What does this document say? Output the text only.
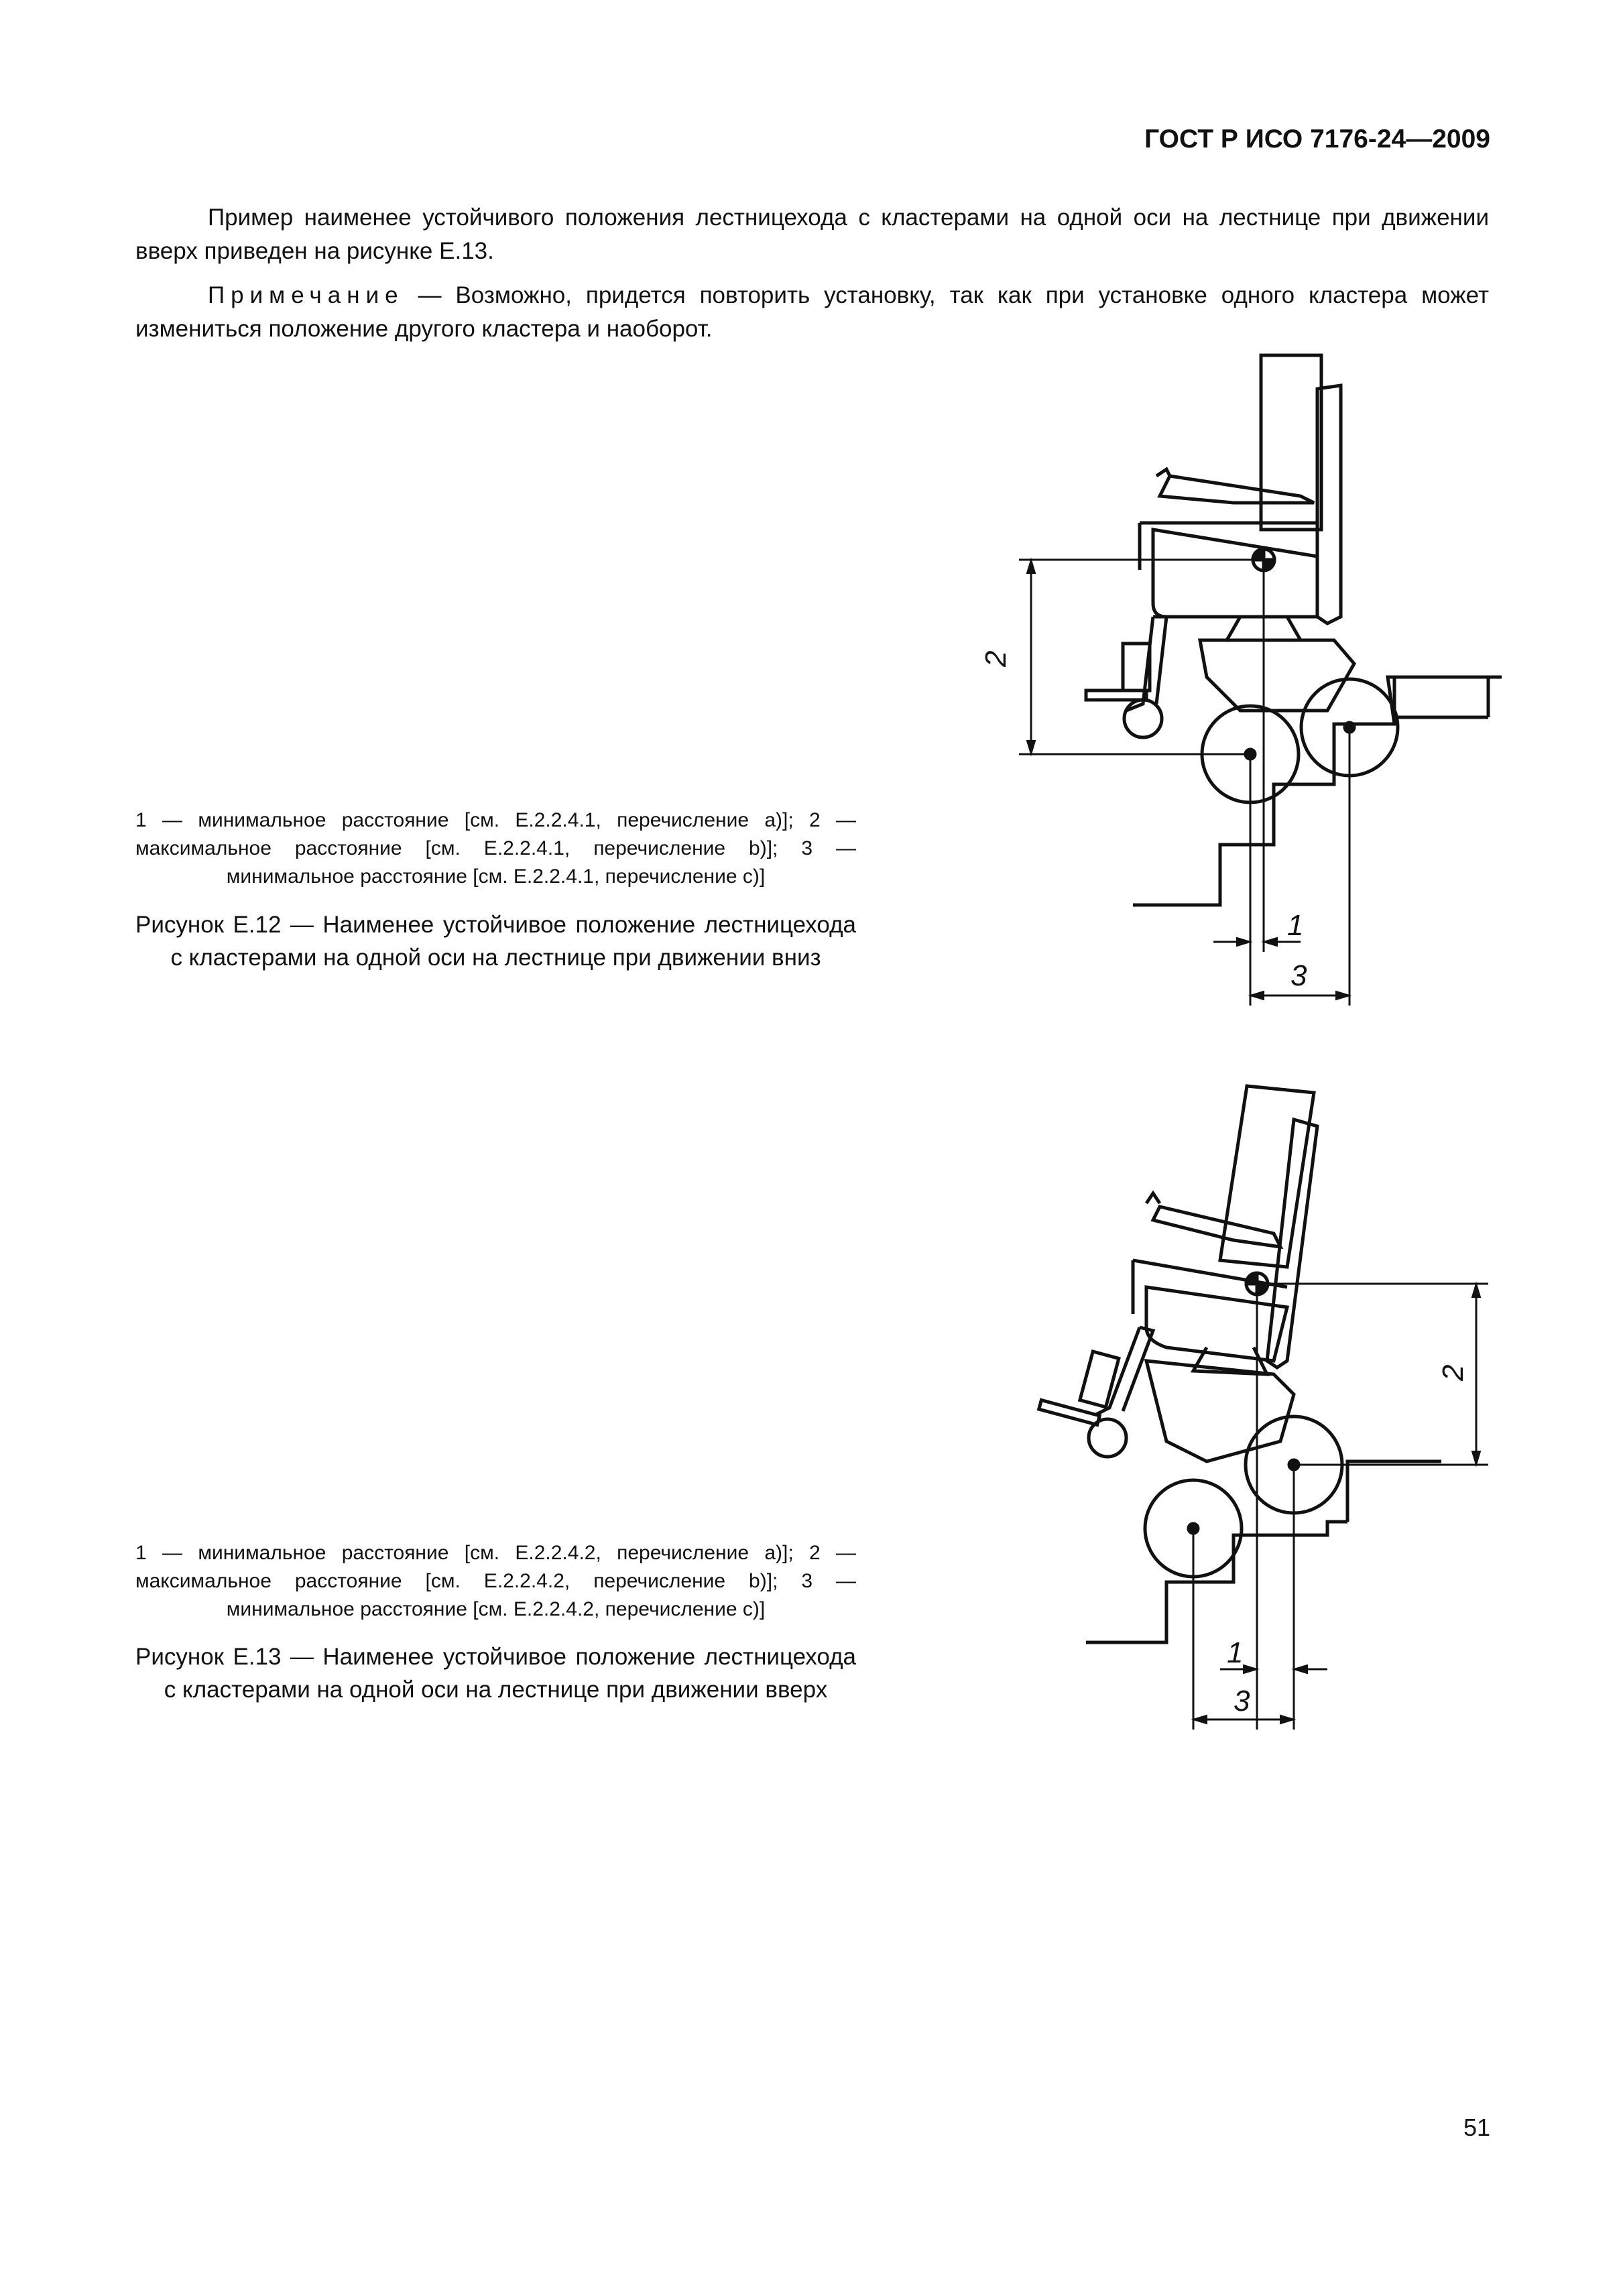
ГОСТ Р ИСО 7176-24—2009

Пример наименее устойчивого положения лестницехода с кластерами на одной оси на лестнице при движении вверх приведен на рисунке Е.13.

Примечание — Возможно, придется повторить установку, так как при установке одного кластера может измениться положение другого кластера и наоборот.

2
1
3

1 — минимальное расстояние [см. Е.2.2.4.1, перечисление a)]; 2 — максимальное расстояние [см. Е.2.2.4.1, перечисление b)]; 3 — минимальное расстояние [см. Е.2.2.4.1, перечисление c)]

Рисунок Е.12 — Наименее устойчивое положение лестницехода с кластерами на одной оси на лестнице при движении вниз

2
1
3

1 — минимальное расстояние [см. Е.2.2.4.2, перечисление a)]; 2 — максимальное расстояние [см. Е.2.2.4.2, перечисление b)]; 3 — минимальное расстояние [см. Е.2.2.4.2, перечисление c)]

Рисунок Е.13 — Наименее устойчивое положение лестницехода с кластерами на одной оси на лестнице при движении вверх

51
